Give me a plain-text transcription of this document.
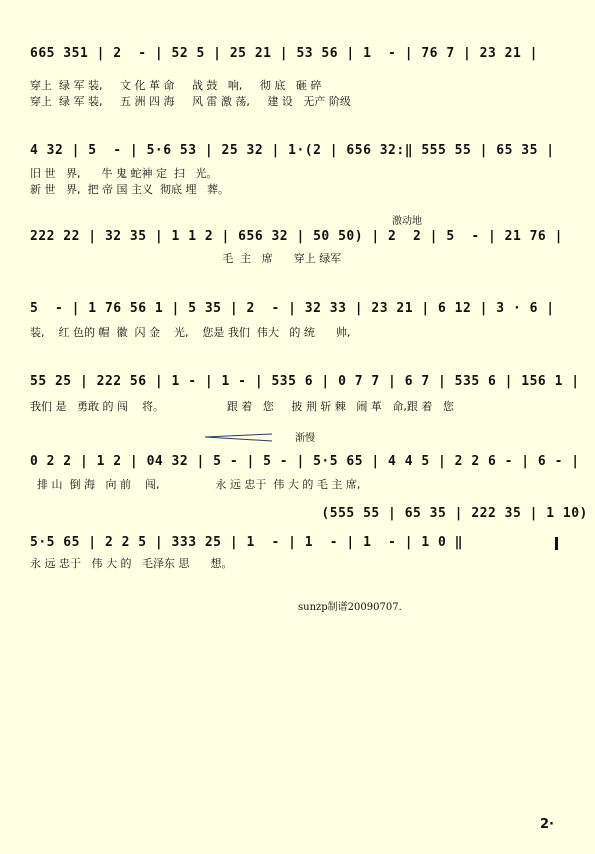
665 351 | 2  - | 52 5 | 25 21 | 53 56 | 1  - | 76 7 | 23 21 |
穿上  绿 军 装,     文 化 革 命     战 鼓   响,     彻 底   砸 碎
穿上  绿 军 装,     五 洲 四 海     风 雷 激 荡,     建 设   无产 阶级
4 32 | 5  - | 5·6 53 | 25 32 | 1·(2 | 656 32:‖ 555 55 | 65 35 |
旧 世   界,      牛 鬼 蛇神 定  扫   光。
新 世   界,  把 帝 国 主义  彻底 埋   葬。
激动地
222 22 | 32 35 | 1 1 2 | 656 32 | 50 50) | 2  2 | 5  - | 21 76 |
毛  主   席      穿上 绿军
5  - | 1 76 56 1 | 5 35 | 2  - | 32 33 | 23 21 | 6 12 | 3 · 6 |
装,    红 色的 帽  徽  闪 金    光,    您是 我们  伟大   的 统      帅,
55 25 | 222 56 | 1 - | 1 - | 535 6 | 0 7 7 | 6 7 | 535 6 | 156 1 |
我们 是   勇敢 的 闯    将。                  跟 着   您     披 荆 斩 棘   闹 革   命,跟 着   您
渐慢
0 2 2 | 1 2 | 04 32 | 5 - | 5 - | 5·5 65 | 4 4 5 | 2 2 6 - | 6 - |
排 山  倒 海   向 前    闯,                永 远 忠于  伟 大 的 毛 主 席,
(555 55 | 65 35 | 222 35 | 1 10)
5·5 65 | 2 2 5 | 333 25 | 1  - | 1  - | 1  - | 1 0 ‖
永 远 忠于   伟 大 的   毛泽东 思      想。
sunzp制谱20090707.
2·
